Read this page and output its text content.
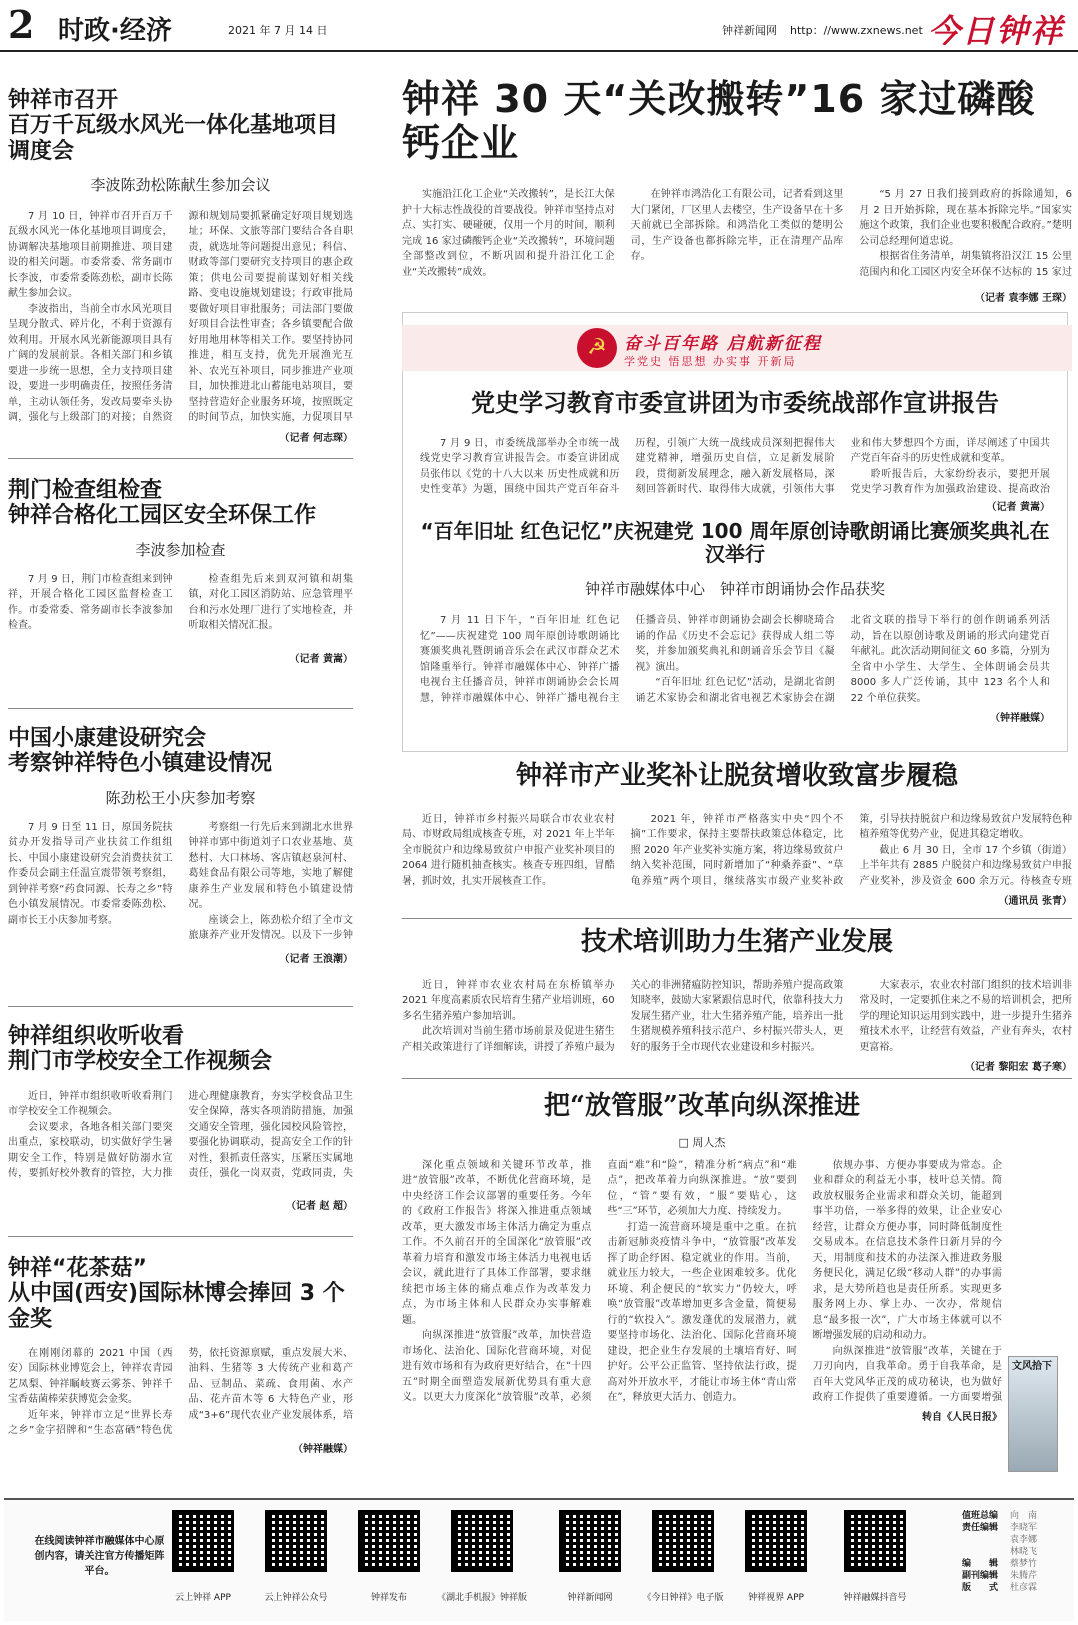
2 时政·经济	2021 年 7 月 14 日	钟祥新闻网 http：//www.zxnews.net 今日钟祥
钟祥 30 天“关改搬转”16 家过磷酸钙企业

实施沿江化工企业“关改搬转”，是长江大保护十大标志性战役的首要战役。钟祥市坚持点对点、实打实、硬碰硬，仅用一个月的时间，顺利完成 16 家过磷酸钙企业“关改搬转”，环境问题全部整改到位，不断巩固和提升沿江化工企业“关改搬转”成效。

在钟祥市鸿浩化工有限公司，记者看到这里大门紧闭，厂区里人去楼空，生产设备早在十多天前就已全部拆除。和鸿浩化工类似的楚明公司，生产设备也都拆除完毕，正在清理产品库存。

“5 月 27 日我们接到政府的拆除通知，6 月 2 日开始拆除，现在基本拆除完毕。”国家实施这个政策，我们企业也要积极配合政府。”楚明公司总经理何道忠说。

根据省住务清单，胡集镇将沿汉江 15 公里范围内和化工园区内安全环保不达标的 15 家过

（记者 袁李娜 王琛）
☭	奋斗百年路 启航新征程
学党史 悟思想 办实事 开新局
党史学习教育市委宣讲团为市委统战部作宣讲报告

7 月 9 日，市委统战部举办全市统一战线党史学习教育宣讲报告会。市委宣讲团成员张伟以《党的十八大以来 历史性成就和历史性变革》为题，围绕中国共产党百年奋斗历程，引领广大统一战线成员深刻把握伟大建党精神，增强历史自信，立足新发展阶段，贯彻新发展理念，融入新发展格局，深刻回答新时代、取得伟大成就，引领伟大事业和伟大梦想四个方面，详尽阐述了中国共产党百年奋斗的历史性成就和变革。

聆听报告后，大家纷纷表示，要把开展党史学习教育作为加强政治建设、提高政治

（记者 黄嵩）
“百年旧址 红色记忆”庆祝建党 100 周年原创诗歌朗诵比赛颁奖典礼在汉举行
钟祥市融媒体中心　钟祥市朗诵协会作品获奖

7 月 11 日下午，“百年旧址 红色记忆”——庆祝建党 100 周年原创诗歌朗诵比赛颁奖典礼暨朗诵音乐会在武汉市群众艺术馆隆重举行。钟祥市融媒体中心、钟祥广播电视台主任播音员，钟祥市朗诵协会会长周慧，钟祥市融媒体中心、钟祥广播电视台主任播音员、钟祥市朗诵协会副会长柳晓琦合诵的作品《历史不会忘记》获得成人组二等奖，并参加颁奖典礼和朗诵音乐会节目《凝视》演出。

“百年旧址 红色记忆”活动，是湖北省朗诵艺术家协会和湖北省电视艺术家协会在湖北省文联的指导下举行的创作朗诵系列活动，旨在以原创诗歌及朗诵的形式向建党百年献礼。此次活动期间征文 60 多篇，分别为全省中小学生、大学生、全体朗诵会员共 8000 多人广泛传诵，其中 123 名个人和 22 个单位获奖。

（钟祥融媒）
钟祥市召开
百万千瓦级水风光一体化基地项目调度会
李波陈劲松陈献生参加会议

7 月 10 日，钟祥市召开百万千瓦级水风光一体化基地项目调度会，协调解决基地项目前期推进、项目建设的相关问题。市委常委、常务副市长李波，市委常委陈劲松，副市长陈献生参加会议。

李波指出，当前全市水风光项目呈现分散式、碎片化，不利于资源有效利用。开展水风光新能源项目具有广阔的发展前景。各相关部门和乡镇要进一步统一思想，全力支持项目建设，要进一步明确责任，按照任务清单，主动认领任务，发改局要牵头协调，强化与上级部门的对接；自然资源和规划局要抓紧确定好项目规划选址；环保、文旅等部门要结合各自职责，就选址等问题提出意见；科信、财政等部门要研究支持项目的惠企政策；供电公司要提前谋划好相关线路、变电设施规划建设；行政审批局要做好项目审批服务；司法部门要做好项目合法性审查；各乡镇要配合做好用地用林等相关工作。要坚持协同推进，相互支持，优先开展渔光互补、农光互补项目，同步推进产业项目，加快推进北山蓄能电站项目，要坚持营造好企业服务环境，按照既定的时间节点，加快实施，力促项目早

（记者 何志琛）
荆门检查组检查
钟祥合格化工园区安全环保工作
李波参加检查

7 月 9 日，荆门市检查组来到钟祥，开展合格化工园区监督检查工作。市委常委、常务副市长李波参加检查。

检查组先后来到双河镇和胡集镇，对化工园区消防站、应急管理平台和污水处理厂进行了实地检查，并听取相关情况汇报。

（记者 黄嵩）
中国小康建设研究会
考察钟祥特色小镇建设情况
陈劲松王小庆参加考察

7 月 9 日至 11 日，原国务院扶贫办开发指导司产业扶贫工作组组长、中国小康建设研究会消费扶贫工作委员会副主任温宣震带领考察组，到钟祥考察“药食同源、长寿之乡”特色小镇发展情况。市委常委陈劲松、副市长王小庆参加考察。

考察组一行先后来到湖北水世界钟祥市郢中街道刘子口农业基地、莫愁村、大口林场、客店镇赵泉河村、葛娃食品有限公司等地，实地了解健康养生产业发展和特色小镇建设情况。

座谈会上，陈劲松介绍了全市文旅康养产业开发情况。以及下一步钟

（记者 王浪潮）
钟祥组织收听收看
荆门市学校安全工作视频会

近日，钟祥市组织收听收看荆门市学校安全工作视频会。

会议要求，各地各相关部门要突出重点，家校联动，切实做好学生暑期安全工作，特别是做好防溺水宣传，要抓好校外教育的管控，大力推进心理健康教育，夯实学校食品卫生安全保障，落实各项消防措施，加强交通安全管理，强化园校风险管控，要强化协调联动，提高安全工作的针对性，狠抓责任落实，压紧压实属地责任，强化一岗双责，党政同责，失

（记者 赵 超）
钟祥“花茶菇”
从中国(西安)国际林博会捧回 3 个金奖

在刚刚闭幕的 2021 中国（西安）国际林业博览会上，钟祥农青园艺凤梨、钟祥瞩岐赛云雾茶、钟祥千宝香菇菌棒荣获博览会金奖。

近年来，钟祥市立足“世界长寿之乡”金字招牌和“生态富硒”特色优势，依托资源禀赋，重点发展大米、油料、生猪等 3 大传统产业和葛产品、豆制品、菜疏、食用菌、水产品、花卉苗木等 6 大特色产业，形成“3+6”现代农业产业发展体系，培

（钟祥融媒）
钟祥市产业奖补让脱贫增收致富步履稳

近日，钟祥市乡村振兴局联合市农业农村局、市财政局组成核查专班，对 2021 年上半年全市脱贫户和边缘易致贫户申报产业奖补项目的 2064 进行随机抽查核实。核查专班四组，冒酷暑，抓时效，扎实开展核查工作。

2021 年，钟祥市严格落实中央“四个不摘”工作要求，保持主要帮扶政策总体稳定，比照 2020 年产业奖补实施方案，将边缘易致贫户纳入奖补范围，同时新增加了“种桑养蚕”、“草龟养殖”两个项目，继续落实市级产业奖补政策，引导扶持脱贫户和边缘易致贫户发展特色种植养殖等优势产业，促进其稳定增收。

截止 6 月 30 日，全市 17 个乡镇（街道）上半年共有 2885 户脱贫户和边缘易致贫户申报产业奖补，涉及资金 600 余万元。待核查专班

（通讯员 张青）
技术培训助力生猪产业发展

近日，钟祥市农业农村局在东桥镇举办 2021 年度高素质农民培育生猪产业培训班，60 多名生猪养殖户参加培训。

此次培训对当前生猪市场前景及促进生猪生产相关政策进行了详细解读，讲授了养殖户最为关心的非洲猪瘟防控知识，帮助养殖户提高政策知晓率，鼓励大家紧跟信息时代，依靠科技大力发展生猪产业，壮大生猪养殖产能，培养出一批生猪规模养殖科技示范户、乡村振兴带头人，更好的服务于全市现代农业建设和乡村振兴。

大家表示，农业农村部门组织的技术培训非常及时，一定要抓住来之不易的培训机会，把所学的理论知识运用到实践中，进一步提升生猪养殖技术水平，让经营有效益，产业有奔头，农村更富裕。

（记者 黎阳宏 葛子寒）
把“放管服”改革向纵深推进
□ 周人杰

深化重点领域和关键环节改革，推进“放管服”改革，不断优化营商环境，是中央经济工作会议部署的重要任务。今年的《政府工作报告》将深入推进重点领域改革，更大激发市场主体活力确定为重点工作。不久前召开的全国深化“放管服”改革着力培育和激发市场主体活力电视电话会议，就此进行了具体工作部署，要求继续把市场主体的痛点难点作为改革发力点，为市场主体和人民群众办实事解难题。

向纵深推进“放管服”改革，加快营造市场化、法治化、国际化营商环境，对促进有效市场和有为政府更好结合，在“十四五”时期全面塑造发展新优势具有重大意义。以更大力度深化“放管服”改革，必须直面“难”和“险”，精准分析“病点”和“难点”，把改革着力向纵深推进。“放”要到位，“管”要有效，“服”要贴心，这些“三”环节，必须加大力度、持续发力。

打造一流营商环境是重中之重。在抗击新冠肺炎疫情斗争中，“放管服”改革发挥了助企纾困、稳定就业的作用。当前，就业压力较大，一些企业困难较多。优化环境、利企便民的“软实力”仍较大，呼唤“放管服”改革增加更多含金量，简便易行的“软投入”。激发蓬优的发展潜力，就要坚持市场化、法治化、国际化营商环境建设，把企业生存发展的土壤培育好、呵护好。公平公正监管、坚持依法行政，提高对外开放水平，才能让市场主体“青山常在”，释放更大活力、创造力。

依规办事、方便办事要成为常态。企业和群众的利益无小事，枝叶总关情。简政放权服务企业需求和群众关切，能超到事半功倍，一举多得的效果，让企业安心经营，让群众方便办事，同时降低制度性交易成本。在信息技术条件日新月异的今天，用制度和技术的办法深入推进政务服务便民化，满足亿级“移动人群”的办事需求，是大势所趋也是责任所系。实现更多服务网上办、掌上办、一次办，常规信息“最多报一次”，广大市场主体就可以不断增强发展的启动和动力。

向纵深推进“放管服”改革，关键在于刀刃向内，自我革命。勇于自我革命，是百年大党风华正茂的成功秘诀，也为做好政府工作提供了重要遵循。一方面要增强

转自《人民日报》
文风拾下
在线阅读钟祥市融媒体中心原创内容，请关注官方传播矩阵平台。
云上钟祥 APP	云上钟祥公众号	钟祥发布	《湖北手机报》钟祥版	钟祥新闻网	《今日钟祥》电子版	钟祥视界 APP	钟祥融媒抖音号
值班总编	向　南
责任编辑	李晓军
袁李娜
林晓飞
编　　辑	蔡梦竹
副刊编辑	朱腾芹
版　　式	杜彦霖
